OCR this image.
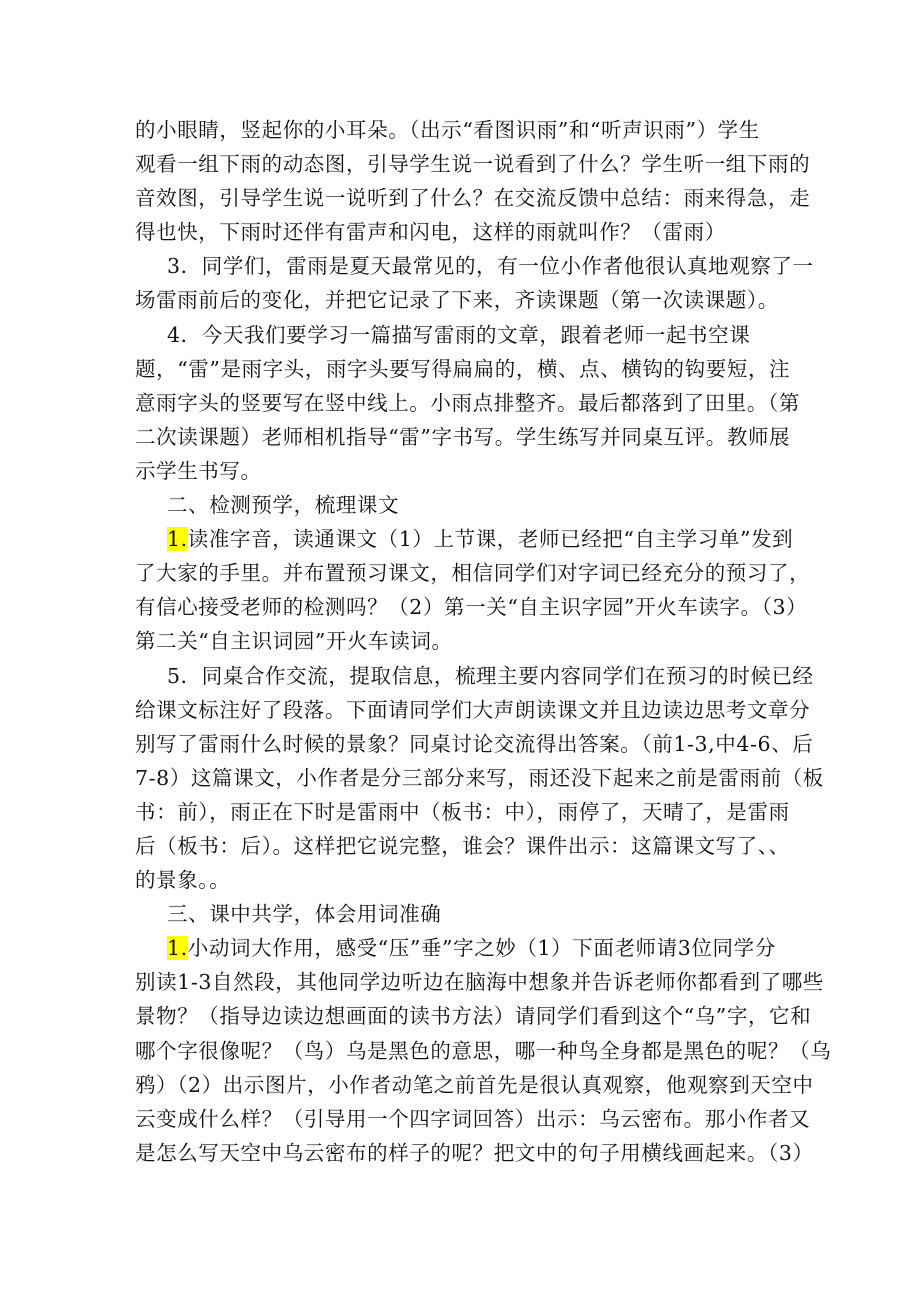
的小眼睛，竖起你的小耳朵。（出示“看图识雨”和“听声识雨”）学生
观看一组下雨的动态图，引导学生说一说看到了什么？学生听一组下雨的
音效图，引导学生说一说听到了什么？在交流反馈中总结：雨来得急，走
得也快，下雨时还伴有雷声和闪电，这样的雨就叫作？（雷雨）
3．同学们，雷雨是夏天最常见的，有一位小作者他很认真地观察了一
场雷雨前后的变化，并把它记录了下来，齐读课题（第一次读课题）。
4．今天我们要学习一篇描写雷雨的文章，跟着老师一起书空课
题，“雷”是雨字头，雨字头要写得扁扁的，横、点、横钩的钩要短，注
意雨字头的竖要写在竖中线上。小雨点排整齐。最后都落到了田里。（第
二次读课题）老师相机指导“雷”字书写。学生练写并同桌互评。教师展
示学生书写。
二、检测预学，梳理课文
1.读准字音，读通课文（1）上节课，老师已经把“自主学习单”发到
了大家的手里。并布置预习课文，相信同学们对字词已经充分的预习了，
有信心接受老师的检测吗？（2）第一关“自主识字园”开火车读字。（3）
第二关“自主识词园”开火车读词。
5．同桌合作交流，提取信息，梳理主要内容同学们在预习的时候已经
给课文标注好了段落。下面请同学们大声朗读课文并且边读边思考文章分
别写了雷雨什么时候的景象？同桌讨论交流得出答案。（前1-3,中4-6、后
7-8）这篇课文，小作者是分三部分来写，雨还没下起来之前是雷雨前（板
书：前），雨正在下时是雷雨中（板书：中），雨停了，天晴了，是雷雨
后（板书：后）。这样把它说完整，谁会？课件出示：这篇课文写了、、
的景象。。
三、课中共学，体会用词准确
1.小动词大作用，感受“压”垂”字之妙（1）下面老师请3位同学分
别读1-3自然段，其他同学边听边在脑海中想象并告诉老师你都看到了哪些
景物？（指导边读边想画面的读书方法）请同学们看到这个“乌”字，它和
哪个字很像呢？（鸟）乌是黑色的意思，哪一种鸟全身都是黑色的呢？（乌
鸦）（2）出示图片，小作者动笔之前首先是很认真观察，他观察到天空中
云变成什么样？（引导用一个四字词回答）出示：乌云密布。那小作者又
是怎么写天空中乌云密布的样子的呢？把文中的句子用横线画起来。（3）
